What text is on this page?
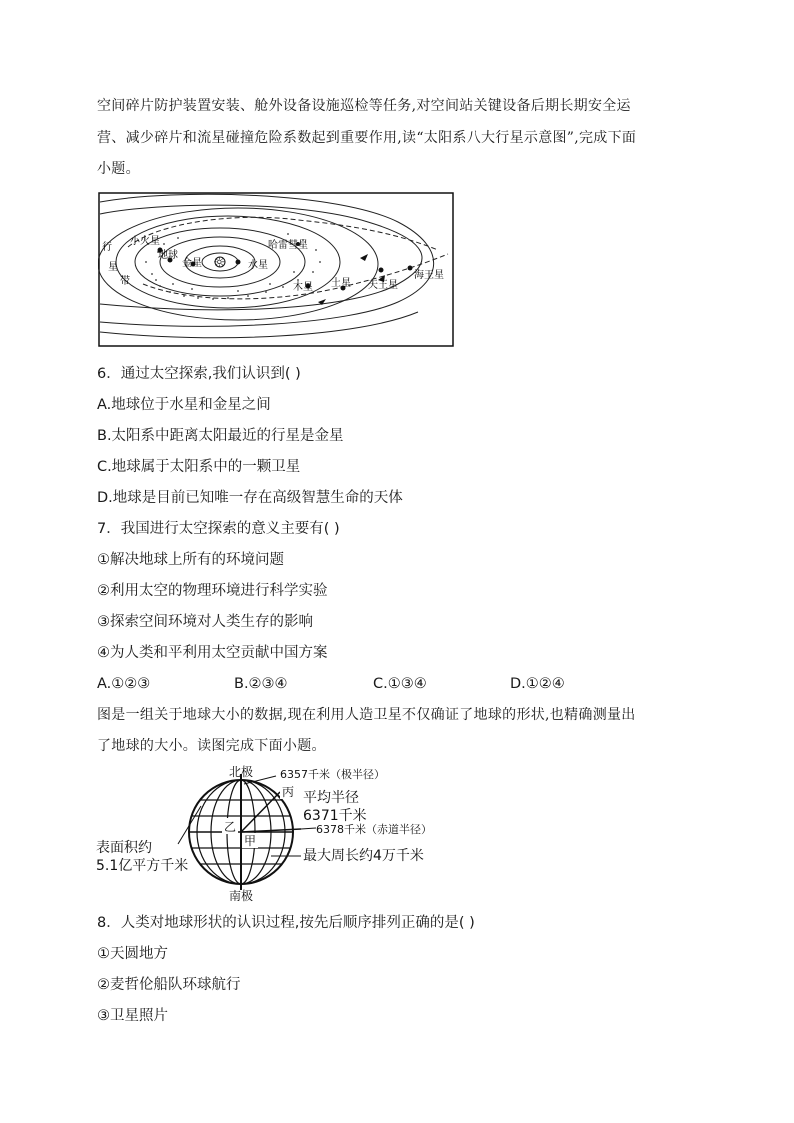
空间碎片防护装置安装、舱外设备设施巡检等任务,对空间站关键设备后期长期安全运
营、减少碎片和流星碰撞危险系数起到重要作用,读“太阳系八大行星示意图”,完成下面
小题。
☼
行
星
带
小火星
地球
金星	水星
哈雷彗星
木星 土星 天王星
海王星
6．通过太空探索,我们认识到( )
A.地球位于水星和金星之间
B.太阳系中距离太阳最近的行星是金星
C.地球属于太阳系中的一颗卫星
D.地球是目前已知唯一存在高级智慧生命的天体
7．我国进行太空探索的意义主要有( )
①解决地球上所有的环境问题
②利用太空的物理环境进行科学实验
③探索空间环境对人类生存的影响
④为人类和平利用太空贡献中国方案
A.①②③	B.②③④	C.①③④	D.①②④
图是一组关于地球大小的数据,现在利用人造卫星不仅确证了地球的形状,也精确测量出
了地球的大小。读图完成下面小题。
北极
南极
6357千米（极半径）
丙 平均半径
6371千米
乙
甲
6378千米（赤道半径）
最大周长约4万千米
表面积约
5.1亿平方千米
8．人类对地球形状的认识过程,按先后顺序排列正确的是( )
①天圆地方
②麦哲伦船队环球航行
③卫星照片
